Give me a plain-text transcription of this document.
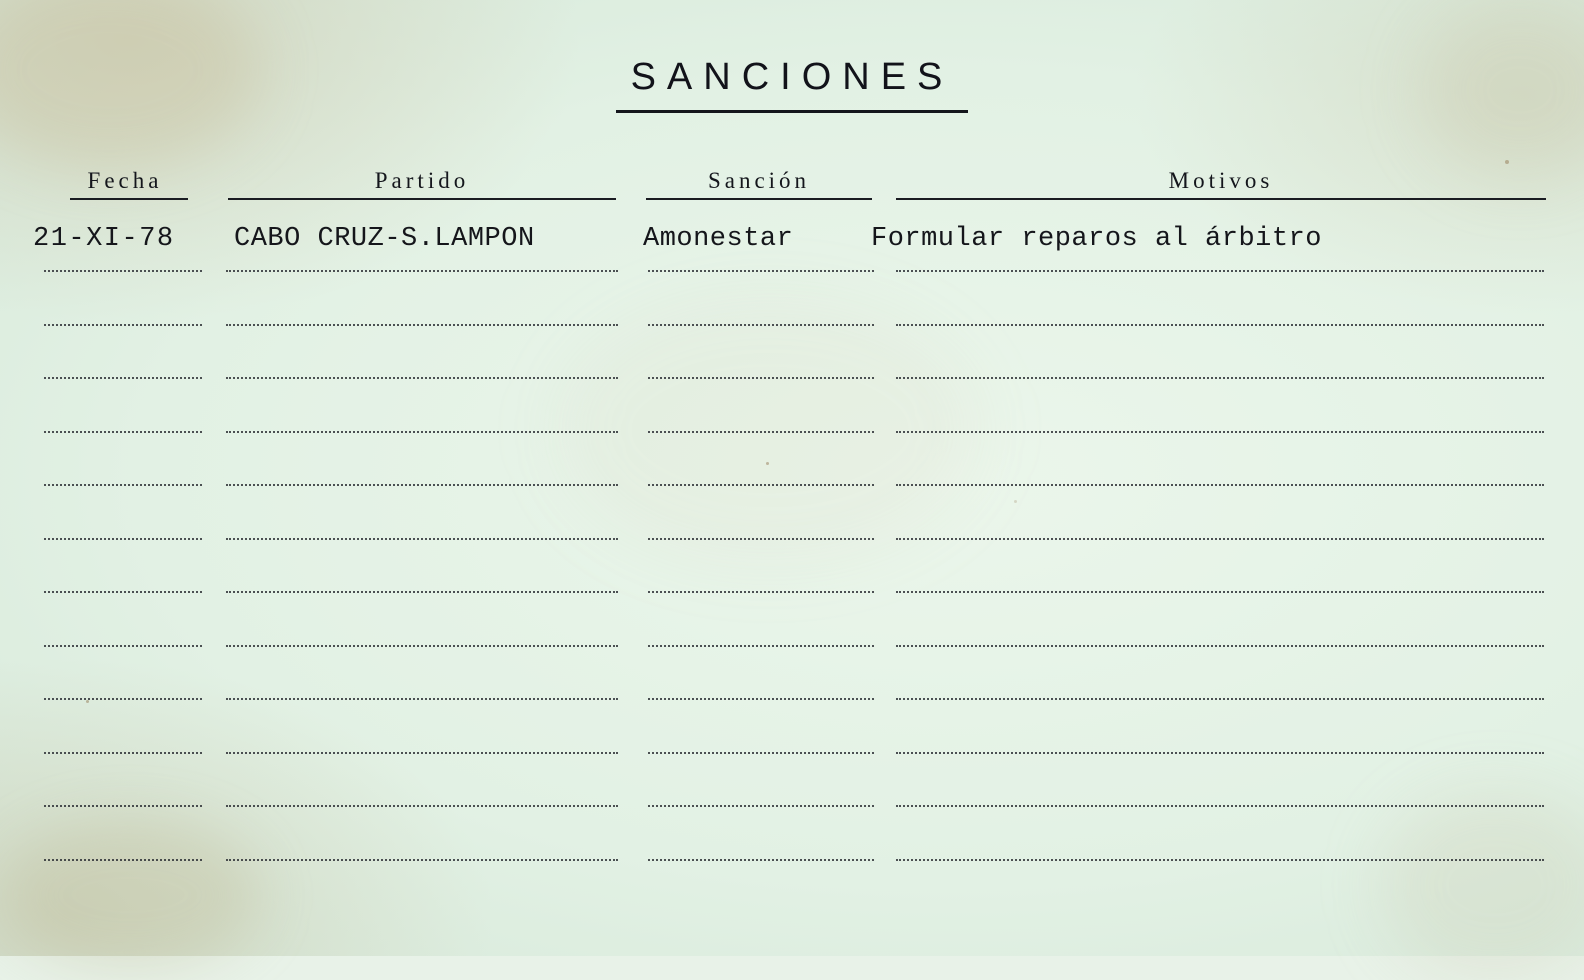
SANCIONES
Fecha	Partido	Sanción	Motivos
21-XI-78 CABO CRUZ-S.LAMPON	Amonestar	Formular reparos al árbitro
